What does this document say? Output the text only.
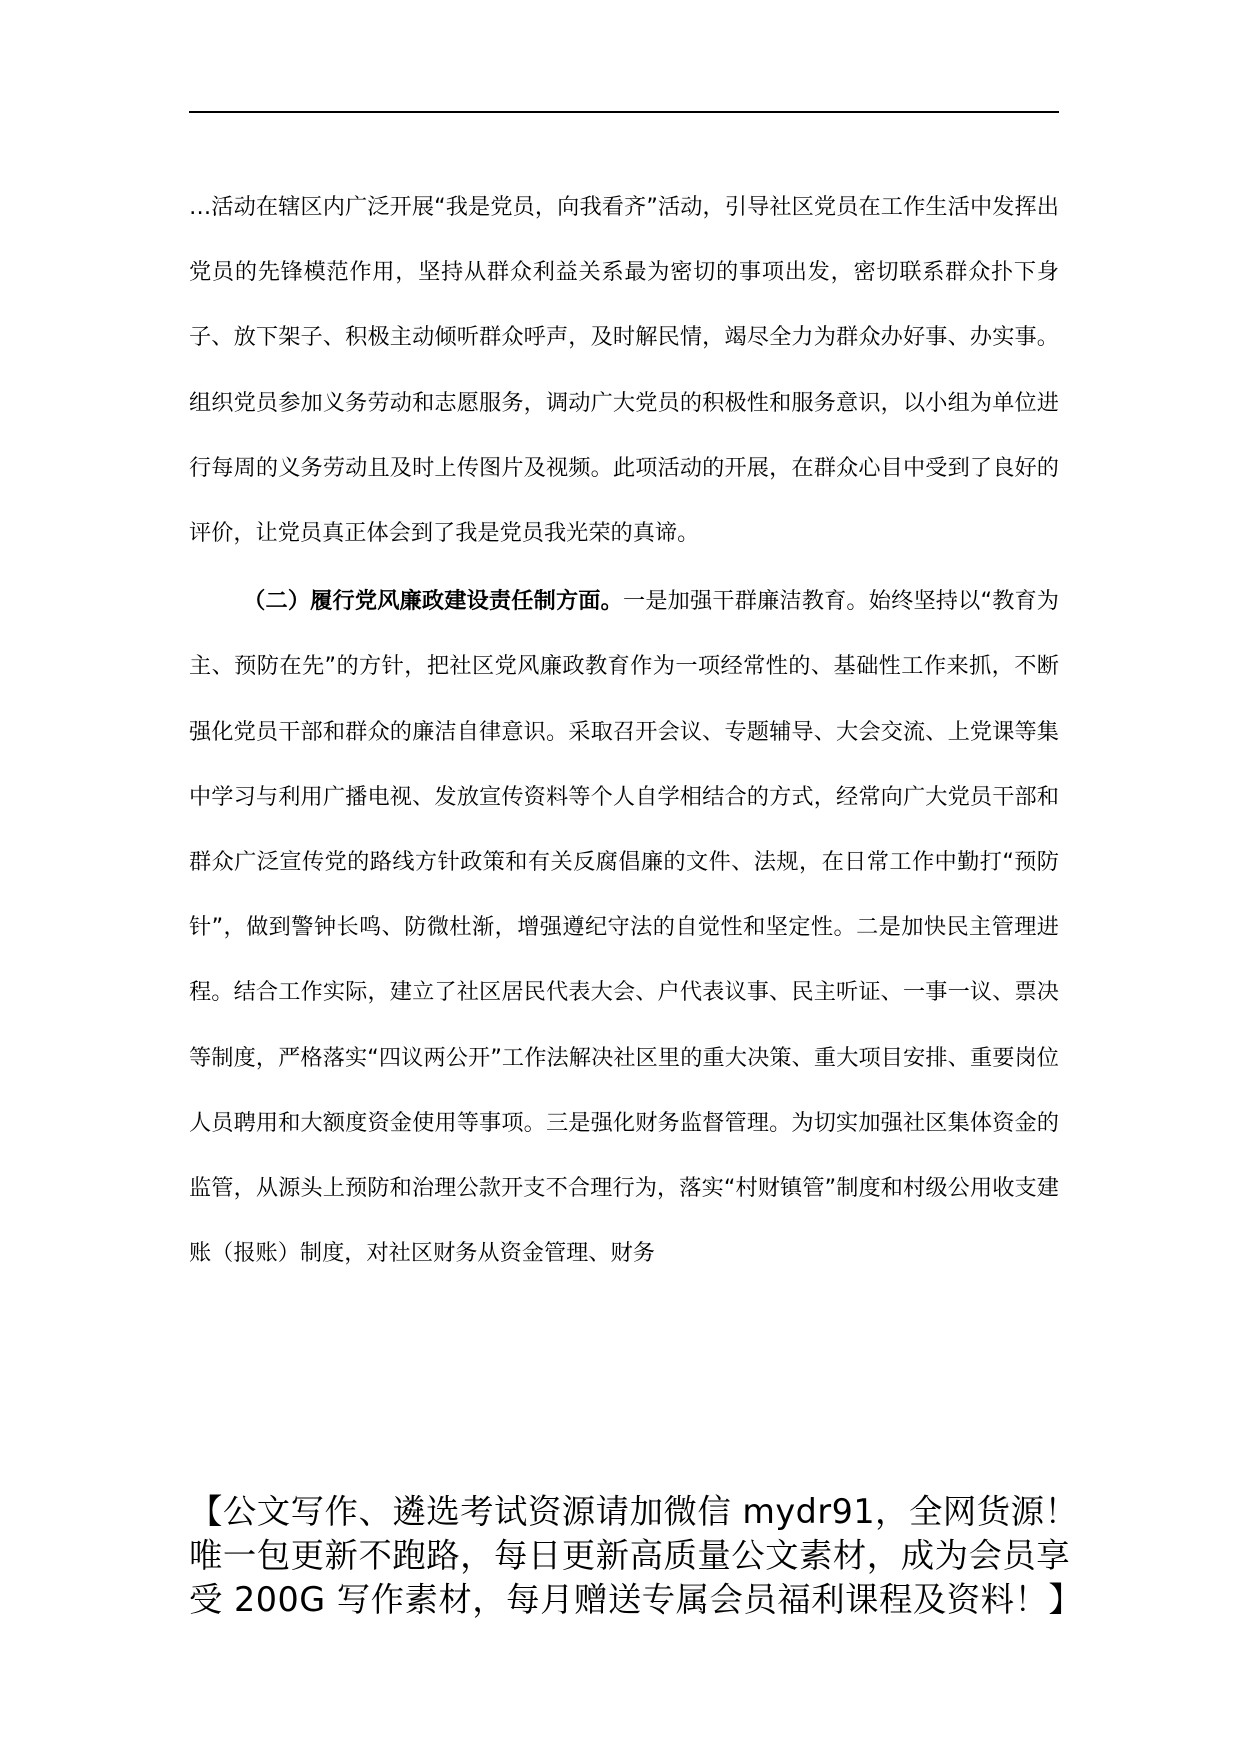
…活动在辖区内广泛开展“我是党员，向我看齐”活动，引导社区党员在工作生活中发挥出党员的先锋模范作用，坚持从群众利益关系最为密切的事项出发，密切联系群众扑下身子、放下架子、积极主动倾听群众呼声，及时解民情，竭尽全力为群众办好事、办实事。组织党员参加义务劳动和志愿服务，调动广大党员的积极性和服务意识，以小组为单位进行每周的义务劳动且及时上传图片及视频。此项活动的开展，在群众心目中受到了良好的评价，让党员真正体会到了我是党员我光荣的真谛。

（二）履行党风廉政建设责任制方面。一是加强干群廉洁教育。始终坚持以“教育为主、预防在先”的方针，把社区党风廉政教育作为一项经常性的、基础性工作来抓，不断强化党员干部和群众的廉洁自律意识。采取召开会议、专题辅导、大会交流、上党课等集中学习与利用广播电视、发放宣传资料等个人自学相结合的方式，经常向广大党员干部和群众广泛宣传党的路线方针政策和有关反腐倡廉的文件、法规，在日常工作中勤打“预防针”，做到警钟长鸣、防微杜渐，增强遵纪守法的自觉性和坚定性。二是加快民主管理进程。结合工作实际，建立了社区居民代表大会、户代表议事、民主听证、一事一议、票决等制度，严格落实“四议两公开”工作法解决社区里的重大决策、重大项目安排、重要岗位人员聘用和大额度资金使用等事项。三是强化财务监督管理。为切实加强社区集体资金的监管，从源头上预防和治理公款开支不合理行为，落实“村财镇管”制度和村级公用收支建账（报账）制度，对社区财务从资金管理、财务

【公文写作、遴选考试资源请加微信 mydr91，全网货源！唯一包更新不跑路，每日更新高质量公文素材，成为会员享受 200G 写作素材，每月赠送专属会员福利课程及资料！】
